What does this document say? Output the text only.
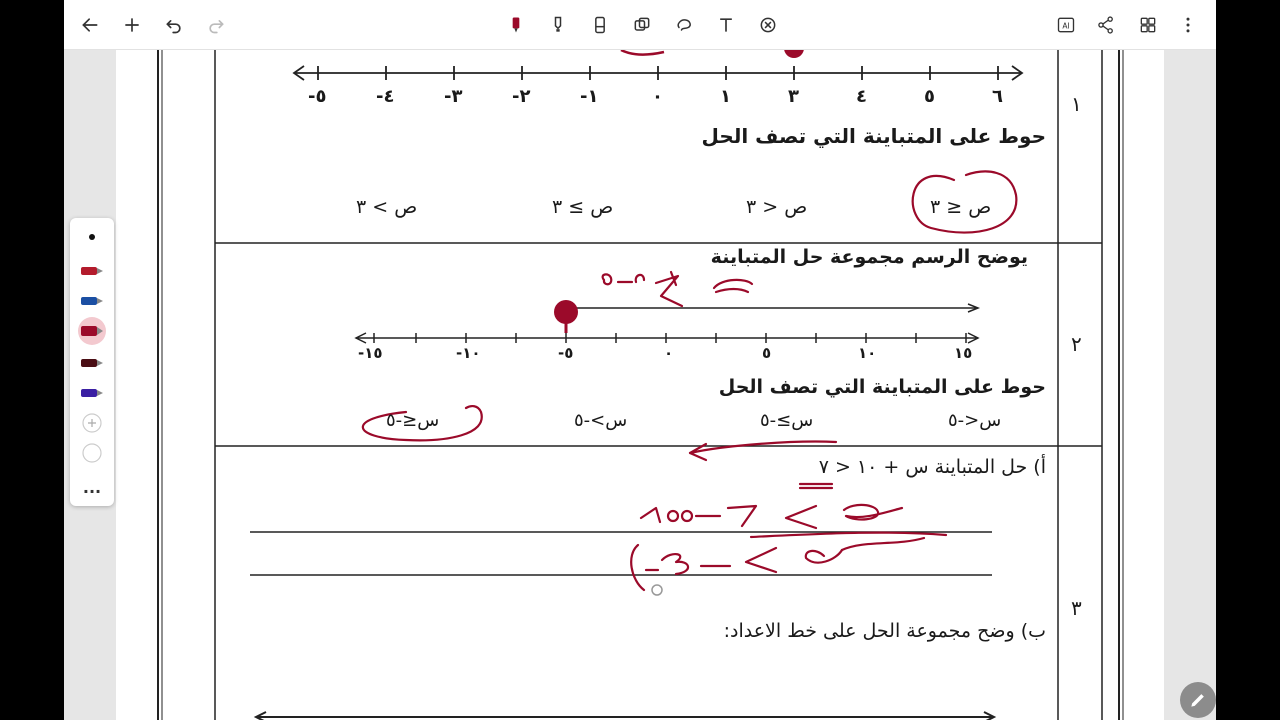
AI
١
٥-	٤-	٣-	٢-	١-	٠	١	٣	٤	٥	٦
حوط على المتباينة التي تصف الحل
ص > ٣	ص ≥ ٣	ص < ٣	ص ≤ ٣
٢
يوضح الرسم مجموعة حل المتباينة
١٥-	١٠-	٥-	٠	٥	١٠	١٥
حوط على المتباينة التي تصف الحل
س≤-٥	س>-٥	س≥-٥	س<-٥
٣
أ) حل المتباينة س + ١٠ < ٧
ب) وضح مجموعة الحل على خط الاعداد:
...
